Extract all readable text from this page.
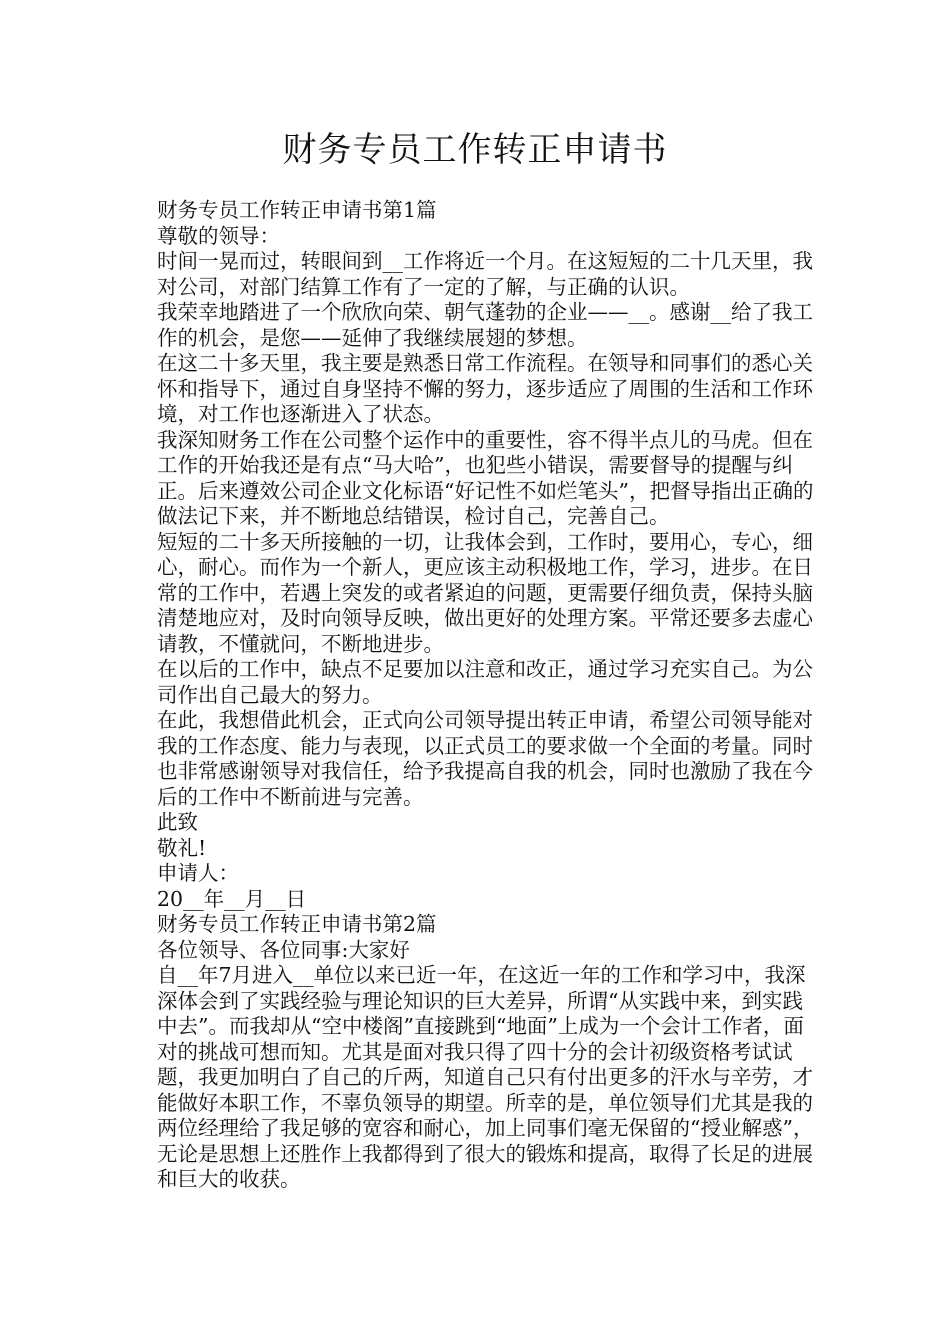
财务专员工作转正申请书

财务专员工作转正申请书第1篇

尊敬的领导：

时间一晃而过，转眼间到__工作将近一个月。在这短短的二十几天里，我对公司，对部门结算工作有了一定的了解，与正确的认识。

我荣幸地踏进了一个欣欣向荣、朝气蓬勃的企业——__。感谢__给了我工作的机会，是您——延伸了我继续展翅的梦想。

在这二十多天里，我主要是熟悉日常工作流程。在领导和同事们的悉心关怀和指导下，通过自身坚持不懈的努力，逐步适应了周围的生活和工作环境，对工作也逐渐进入了状态。

我深知财务工作在公司整个运作中的重要性，容不得半点儿的马虎。但在工作的开始我还是有点“马大哈”，也犯些小错误，需要督导的提醒与纠正。后来遵效公司企业文化标语“好记性不如烂笔头”，把督导指出正确的做法记下来，并不断地总结错误，检讨自己，完善自己。

短短的二十多天所接触的一切，让我体会到，工作时，要用心，专心，细心，耐心。而作为一个新人，更应该主动积极地工作，学习，进步。在日常的工作中，若遇上突发的或者紧迫的问题，更需要仔细负责，保持头脑清楚地应对，及时向领导反映，做出更好的处理方案。平常还要多去虚心请教，不懂就问，不断地进步。

在以后的工作中，缺点不足要加以注意和改正，通过学习充实自己。为公司作出自己最大的努力。

在此，我想借此机会，正式向公司领导提出转正申请，希望公司领导能对我的工作态度、能力与表现，以正式员工的要求做一个全面的考量。同时也非常感谢领导对我信任，给予我提高自我的机会，同时也激励了我在今后的工作中不断前进与完善。

此致

敬礼!

申请人：

20__年__月__日

财务专员工作转正申请书第2篇

各位领导、各位同事:大家好

自__年7月进入__单位以来已近一年，在这近一年的工作和学习中，我深深体会到了实践经验与理论知识的巨大差异，所谓“从实践中来，到实践中去”。而我却从“空中楼阁”直接跳到“地面”上成为一个会计工作者，面对的挑战可想而知。尤其是面对我只得了四十分的会计初级资格考试试题，我更加明白了自己的斤两，知道自己只有付出更多的汗水与辛劳，才能做好本职工作，不辜负领导的期望。所幸的是，单位领导们尤其是我的两位经理给了我足够的宽容和耐心，加上同事们毫无保留的“授业解惑”，无论是思想上还胜作上我都得到了很大的锻炼和提高，取得了长足的进展和巨大的收获。
